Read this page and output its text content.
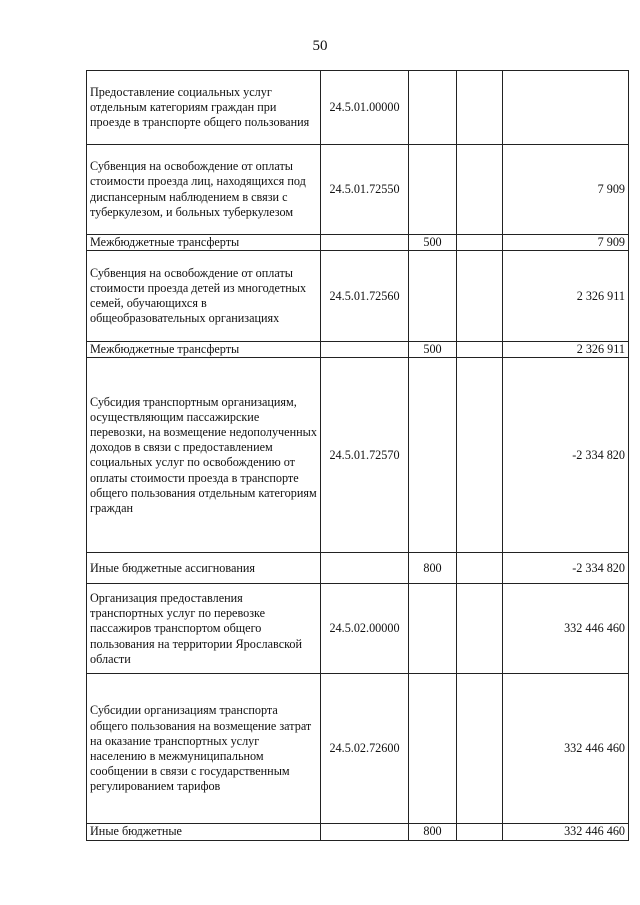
50
Предоставление социальных услуг отдельным категориям граждан при проезде в транспорте общего пользования	24.5.01.00000			
Субвенция на освобождение от оплаты стоимости проезда лиц, находящихся под диспансерным наблюдением в связи с туберкулезом, и больных туберкулезом	24.5.01.72550			7 909
Межбюджетные трансферты		500		7 909
Субвенция на освобождение от оплаты стоимости проезда детей из многодетных семей, обучающихся в общеобразовательных организациях	24.5.01.72560			2 326 911
Межбюджетные трансферты		500		2 326 911
Субсидия транспортным организациям, осуществляющим пассажирские перевозки, на возмещение недополученных доходов в связи с предоставлением социальных услуг по освобождению от оплаты стоимости проезда в транспорте общего пользования отдельным категориям граждан	24.5.01.72570			-2 334 820
Иные бюджетные ассигнования		800		-2 334 820
Организация предоставления транспортных услуг по перевозке пассажиров транспортом общего пользования на территории Ярославской области	24.5.02.00000			332 446 460
Субсидии организациям транспорта общего пользования на возмещение затрат на оказание транспортных услуг населению в межмуниципальном сообщении в связи с государственным регулированием тарифов	24.5.02.72600			332 446 460
Иные бюджетные		800		332 446 460
